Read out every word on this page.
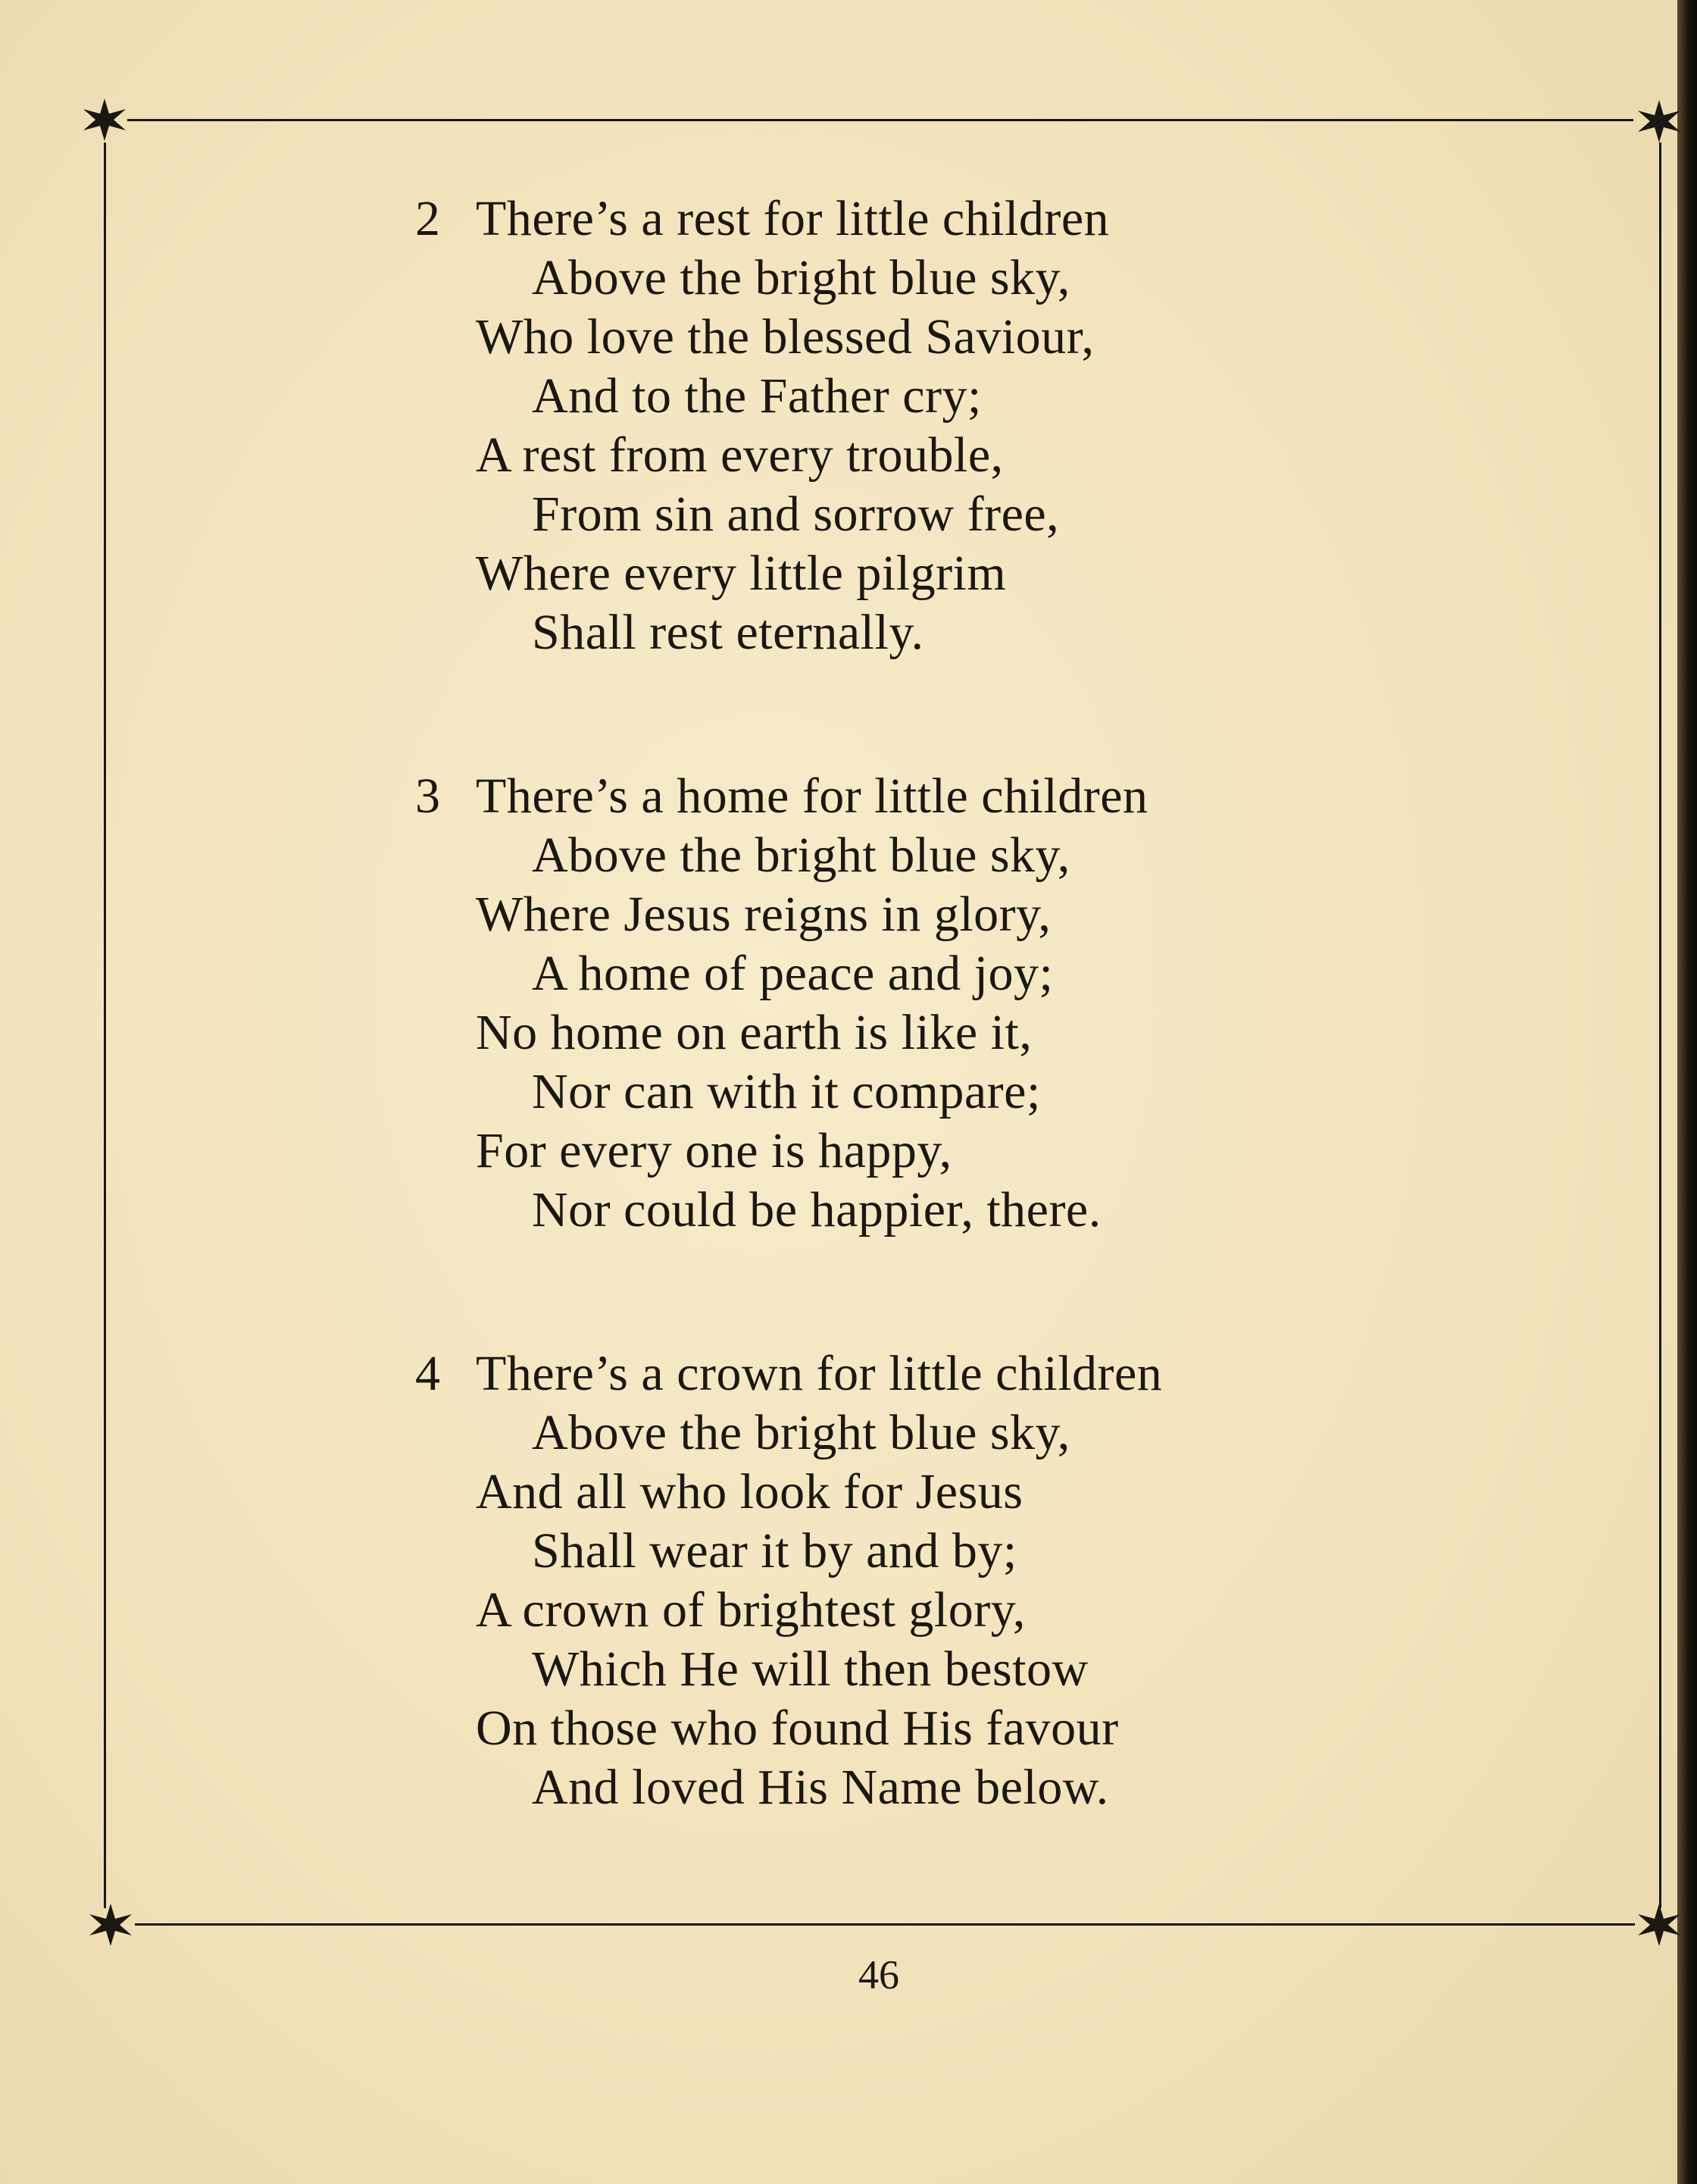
2 There’s a rest for little children
Above the bright blue sky,
Who love the blessed Saviour,
And to the Father cry;
A rest from every trouble,
From sin and sorrow free,
Where every little pilgrim
Shall rest eternally.
3 There’s a home for little children
Above the bright blue sky,
Where Jesus reigns in glory,
A home of peace and joy;
No home on earth is like it,
Nor can with it compare;
For every one is happy,
Nor could be happier, there.
4 There’s a crown for little children
Above the bright blue sky,
And all who look for Jesus
Shall wear it by and by;
A crown of brightest glory,
Which He will then bestow
On those who found His favour
And loved His Name below.
46
